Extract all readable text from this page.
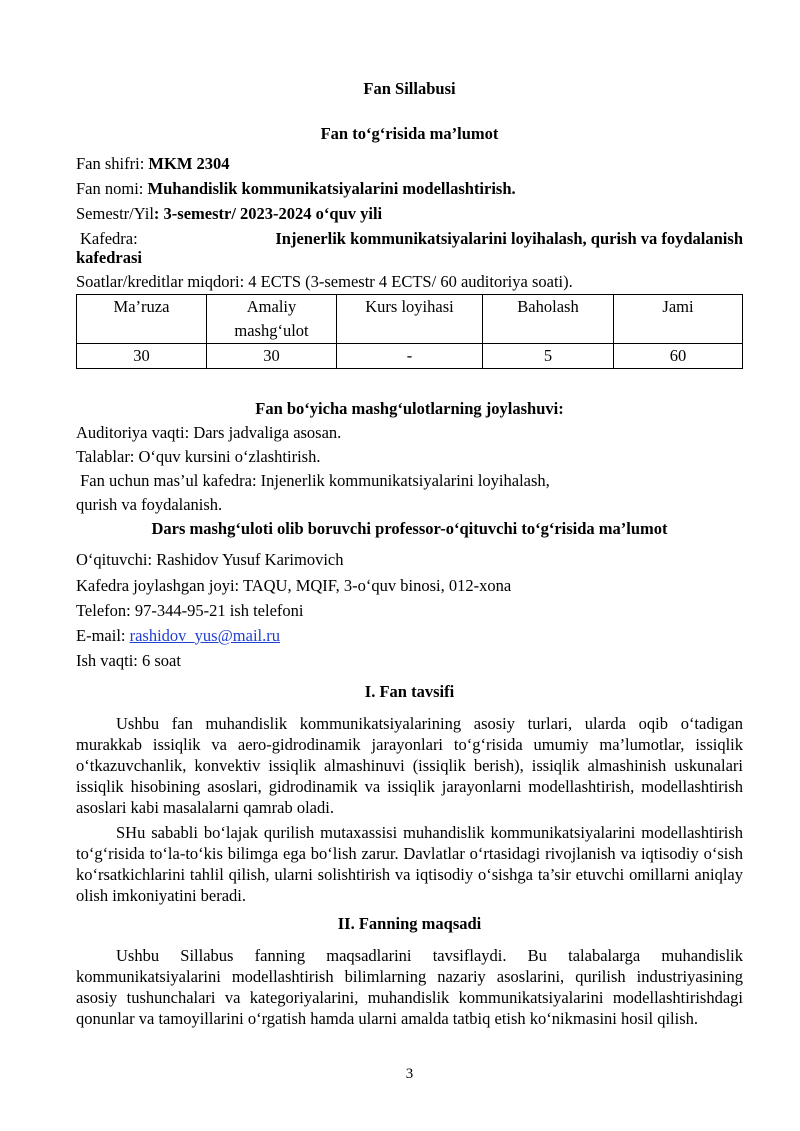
Fan Sillabusi
Fan to‘g‘risida ma’lumot
Fan shifri: MKM 2304
Fan nomi: Muhandislik kommunikatsiyalarini modellashtirish.
Semestr/Yil: 3-semestr/ 2023-2024 o‘quv yili
Kafedra:	Injenerlik kommunikatsiyalarini loyihalash, qurish va foydalanish
kafedrasi
Soatlar/kreditlar miqdori: 4 ECTS (3-semestr 4 ECTS/ 60 auditoriya soati).
Ma’ruza	Amaliy
mashg‘ulot	Kurs loyihasi	Baholash	Jami
30	30	-	5	60
Fan bo‘yicha mashg‘ulotlarning joylashuvi:
Auditoriya vaqti: Dars jadvaliga asosan.
Talablar: O‘quv kursini o‘zlashtirish.
Fan uchun mas’ul kafedra: Injenerlik kommunikatsiyalarini loyihalash,
qurish va foydalanish.
Dars mashg‘uloti olib boruvchi professor-o‘qituvchi to‘g‘risida ma’lumot
O‘qituvchi: Rashidov Yusuf Karimovich
Kafedra joylashgan joyi: TAQU, MQIF, 3-o‘quv binosi, 012-xona
Telefon: 97-344-95-21 ish telefoni
E-mail: rashidov_yus@mail.ru
Ish vaqti: 6 soat
I. Fan tavsifi

Ushbu fan muhandislik kommunikatsiyalarining asosiy turlari, ularda oqib o‘tadigan murakkab issiqlik va aero-gidrodinamik jarayonlari to‘g‘risida umumiy ma’lumotlar, issiqlik o‘tkazuvchanlik, konvektiv issiqlik almashinuvi (issiqlik berish), issiqlik almashinish uskunalari issiqlik hisobining asoslari, gidrodinamik va issiqlik jarayonlarni modellashtirish, modellashtirish asoslari kabi masalalarni qamrab oladi.

SHu sababli bo‘lajak qurilish mutaxassisi muhandislik kommunikatsiyalarini modellashtirish to‘g‘risida to‘la-to‘kis bilimga ega bo‘lish zarur. Davlatlar o‘rtasidagi rivojlanish va iqtisodiy o‘sish ko‘rsatkichlarini tahlil qilish, ularni solishtirish va iqtisodiy o‘sishga ta’sir etuvchi omillarni aniqlay olish imkoniyatini beradi.

II. Fanning maqsadi

Ushbu Sillabus fanning maqsadlarini tavsiflaydi. Bu talabalarga muhandislik kommunikatsiyalarini modellashtirish bilimlarning nazariy asoslarini, qurilish industriyasining asosiy tushunchalari va kategoriyalarini, muhandislik kommunikatsiyalarini modellashtirishdagi qonunlar va tamoyillarini o‘rgatish hamda ularni amalda tatbiq etish ko‘nikmasini hosil qilish.

3
